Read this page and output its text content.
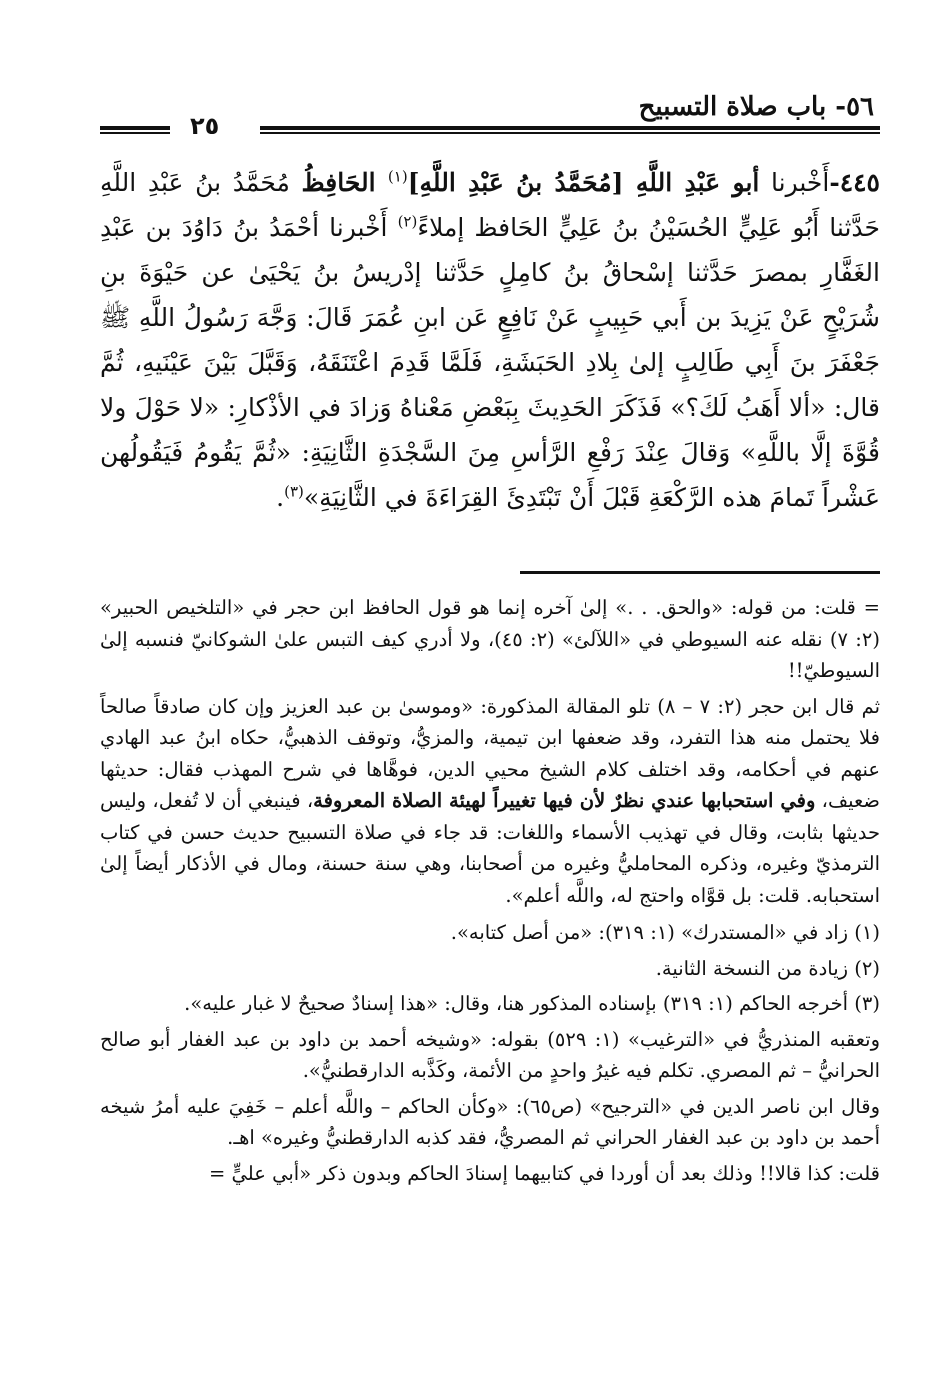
٥٦- باب صلاة التسبيح
٢٥

٤٤٥-أَخْبرنا أبو عَبْدِ اللَّهِ [مُحَمَّدُ بنُ عَبْدِ اللَّهِ]$^{(١)}$ الحَافِظُ مُحَمَّدُ بنُ عَبْدِ اللَّهِ حَدَّثنا أَبُو عَلِيٍّ الحُسَيْنُ بنُ عَلِيٍّ الحَافظ إملاءً$^{(٢)}$ أَخْبرنا أحْمَدُ بنُ دَاوُدَ بن عَبْدِ الغَفَّارِ بمصرَ حَدَّثنا إسْحاقُ بنُ كامِلٍ حَدَّثنا إدْريسُ بنُ يَحْيَىٰ عن حَيْوَةَ بنِ شُرَيْحٍ عَنْ يَزِيدَ بن أَبي حَبِيبٍ عَنْ نَافِعٍ عَن ابنِ عُمَرَ قَالَ: وَجَّهَ رَسُولُ اللَّهِ ﷺ جَعْفَرَ بنَ أَبِي طَالِبٍ إلىٰ بِلادِ الحَبَشَةِ، فَلَمَّا قَدِمَ اعْتَنَقَهُ، وَقَبَّلَ بَيْنَ عَيْنَيهِ، ثُمَّ قال: «ألا أَهَبُ لَكَ؟» فَذَكَرَ الحَدِيثَ بِبَعْضِ مَعْناهُ وَزادَ في الأذْكارِ: «لا حَوْلَ ولا قُوَّةَ إلَّا باللَّهِ» وَقالَ عِنْدَ رَفْعِ الرَّأسِ مِنَ السَّجْدَةِ الثَّانِيَةِ: «ثُمَّ يَقُومُ فَيَقُولُهن عَشْراً تَمامَ هذه الرَّكْعَةِ قَبْلَ أَنْ تَبْتَدِئَ القِرَاءَةَ في الثَّانِيَةِ»$^{(٣)}$.

= قلت: من قوله: «والحق. . .» إلىٰ آخره إنما هو قول الحافظ ابن حجر في «التلخيص الحبير» (٢: ٧) نقله عنه السيوطي في «اللآلئ» (٢: ٤٥)، ولا أدري كيف التبس علىٰ الشوكانيّ فنسبه إلىٰ السيوطيّ!!

ثم قال ابن حجر (٢: ٧ – ٨) تلو المقالة المذكورة: «وموسىٰ بن عبد العزيز وإن كان صادقاً صالحاً فلا يحتمل منه هذا التفرد، وقد ضعفها ابن تيمية، والمزيُّ، وتوقف الذهبيُّ، حكاه ابنُ عبد الهادي عنهم في أحكامه، وقد اختلف كلام الشيخ محيي الدين، فوهَّاها في شرح المهذب فقال: حديثها ضعيف، وفي استحبابها عندي نظرٌ لأن فيها تغييراً لهيئة الصلاة المعروفة، فينبغي أن لا تُفعل، وليس حديثها بثابت، وقال في تهذيب الأسماء واللغات: قد جاء في صلاة التسبيح حديث حسن في كتاب الترمذيّ وغيره، وذكره المحامليُّ وغيره من أصحابنا، وهي سنة حسنة، ومال في الأذكار أيضاً إلىٰ استحبابه. قلت: بل قوَّاه واحتج له، واللَّه أعلم».

(١) زاد في «المستدرك» (١: ٣١٩): «من أصل كتابه».

(٢) زيادة من النسخة الثانية.

(٣) أخرجه الحاكم (١: ٣١٩) بإسناده المذكور هنا، وقال: «هذا إسنادٌ صحيحٌ لا غبار عليه».

وتعقبه المنذريُّ في «الترغيب» (١: ٥٢٩) بقوله: «وشيخه أحمد بن داود بن عبد الغفار أبو صالح الحرانيُّ – ثم المصري. تكلم فيه غيرُ واحدٍ من الأئمة، وكَذَّبه الدارقطنيُّ».

وقال ابن ناصر الدين في «الترجيح» (ص٦٥): «وكأن الحاكم – واللَّه أعلم – خَفِيَ عليه أمرُ شيخه أحمد بن داود بن عبد الغفار الحراني ثم المصريُّ، فقد كذبه الدارقطنيُّ وغيره» اهـ.

قلت: كذا قالا!! وذلك بعد أن أوردا في كتابيهما إسنادَ الحاكم وبدون ذكر «أبي عليٍّ =
